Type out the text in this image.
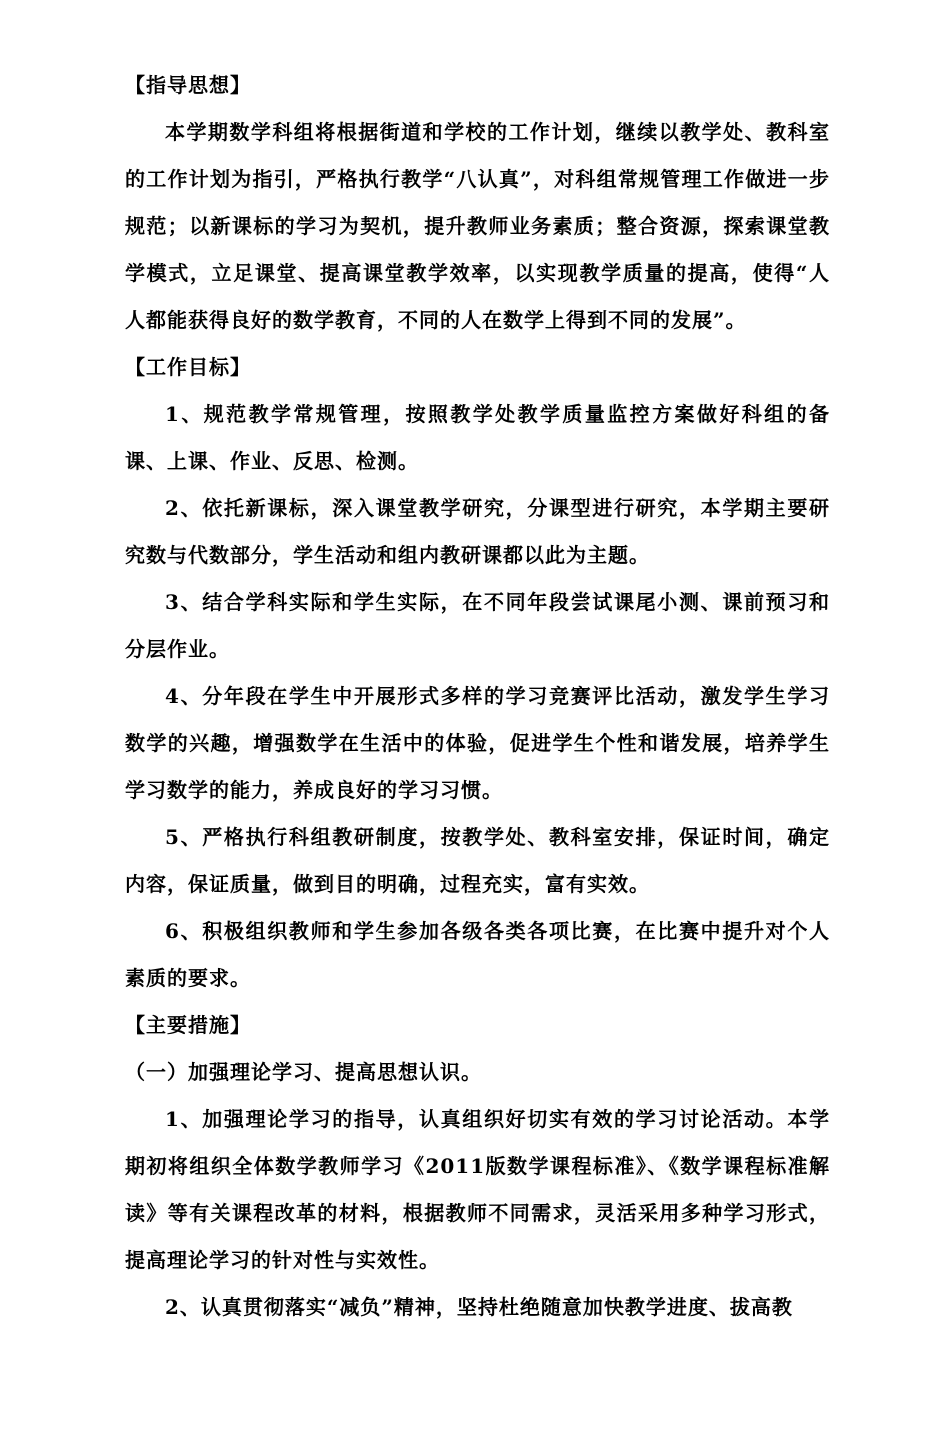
【指导思想】

本学期数学科组将根据街道和学校的工作计划，继续以教学处、教科室的工作计划为指引，严格执行教学“八认真”，对科组常规管理工作做进一步规范；以新课标的学习为契机，提升教师业务素质；整合资源，探索课堂教学模式，立足课堂、提高课堂教学效率，以实现教学质量的提高，使得“人人都能获得良好的数学教育，不同的人在数学上得到不同的发展”。

【工作目标】

1、规范教学常规管理，按照教学处教学质量监控方案做好科组的备课、上课、作业、反思、检测。

2、依托新课标，深入课堂教学研究，分课型进行研究，本学期主要研究数与代数部分，学生活动和组内教研课都以此为主题。

3、结合学科实际和学生实际，在不同年段尝试课尾小测、课前预习和分层作业。

4、分年段在学生中开展形式多样的学习竞赛评比活动，激发学生学习数学的兴趣，增强数学在生活中的体验，促进学生个性和谐发展，培养学生学习数学的能力，养成良好的学习习惯。

5、严格执行科组教研制度，按教学处、教科室安排，保证时间，确定内容，保证质量，做到目的明确，过程充实，富有实效。

6、积极组织教师和学生参加各级各类各项比赛，在比赛中提升对个人素质的要求。

【主要措施】

（一）加强理论学习、提高思想认识。

1、加强理论学习的指导，认真组织好切实有效的学习讨论活动。本学期初将组织全体数学教师学习《2011版数学课程标准》、《数学课程标准解读》等有关课程改革的材料，根据教师不同需求，灵活采用多种学习形式，提高理论学习的针对性与实效性。

2、认真贯彻落实“减负”精神，坚持杜绝随意加快教学进度、拔高教
